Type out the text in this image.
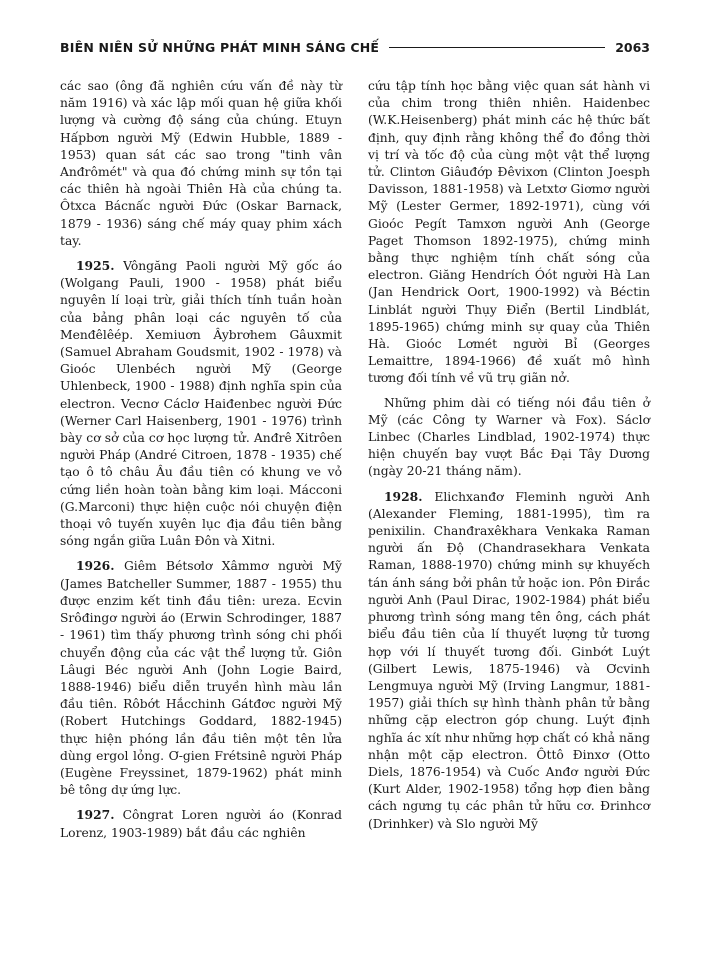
BIÊN NIÊN SỬ NHỮNG PHÁT MINH SÁNG CHẾ	2063

các sao (ông đã nghiên cứu vấn đề này từ năm 1916) và xác lập mối quan hệ giữa khối lượng và cường độ sáng của chúng. Etuyn Hấpbơn người Mỹ (Edwin Hubble, 1889 - 1953) quan sát các sao trong "tinh vân Anđrômét" và qua đó chứng minh sự tồn tại các thiên hà ngoài Thiên Hà của chúng ta. Ôtxca Bácnấc người Đức (Oskar Barnack, 1879 - 1936) sáng chế máy quay phim xách tay.

1925. Vôngăng Paoli người Mỹ gốc áo (Wolgang Pauli, 1900 - 1958) phát biểu nguyên lí loại trừ, giải thích tính tuần hoàn của bảng phân loại các nguyên tố của Menđêlêép. Xemiuơn Âybrơhem Gâuxmit (Samuel Abraham Goudsmit, 1902 - 1978) và Gioóc Ulenbéch người Mỹ (George Uhlenbeck, 1900 - 1988) định nghĩa spin của electron. Vecnơ Cáclơ Haiđenbec người Đức (Werner Carl Haisenberg, 1901 - 1976) trình bày cơ sở của cơ học lượng tử. Anđrê Xitrôen người Pháp (André Citroen, 1878 - 1935) chế tạo ô tô châu Âu đầu tiên có khung ve vỏ cứng liền hoàn toàn bằng kim loại. Mácconi (G.Marconi) thực hiện cuộc nói chuyện điện thoại vô tuyến xuyên lục địa đầu tiên bằng sóng ngắn giữa Luân Đôn và Xitni.

1926. Giêm Bétsơlơ Xâmmơ người Mỹ (James Batcheller Summer, 1887 - 1955) thu được enzim kết tinh đầu tiên: ureza. Ecvin Srôđingơ người áo (Erwin Schrodinger, 1887 - 1961) tìm thấy phương trình sóng chi phối chuyển động của các vật thể lượng tử. Giôn Lâugi Béc người Anh (John Logie Baird, 1888-1946) biểu diễn truyền hình màu lần đầu tiên. Rôbớt Hắcchinh Gátđơc người Mỹ (Robert Hutchings Goddard, 1882-1945) thực hiện phóng lần đầu tiên một tên lửa dùng ergol lỏng. Ơ-gien Frétsinê người Pháp (Eugène Freyssinet, 1879-1962) phát minh bê tông dự ứng lực.

1927. Côngrat Loren người áo (Konrad Lorenz, 1903-1989) bắt đầu các nghiên

cứu tập tính học bằng việc quan sát hành vi của chim trong thiên nhiên. Haidenbec (W.K.Heisenberg) phát minh các hệ thức bất định, quy định rằng không thể đo đồng thời vị trí và tốc độ của cùng một vật thể lượng tử. Clintơn Giâuđớp Đêvixơn (Clinton Joesph Davisson, 1881-1958) và Letxtơ Giơmơ người Mỹ (Lester Germer, 1892-1971), cùng với Gioóc Pegít Tamxơn người Anh (George Paget Thomson 1892-1975), chứng minh bằng thực nghiệm tính chất sóng của electron. Giăng Hendrích Óót người Hà Lan (Jan Hendrick Oort, 1900-1992) và Béctin Linblát người Thụy Điển (Bertil Lindblát, 1895-1965) chứng minh sự quay của Thiên Hà. Gioóc Lơmét người Bỉ (Georges Lemaittre, 1894-1966) đề xuất mô hình tương đối tính về vũ trụ giãn nở.

Những phim dài có tiếng nói đầu tiên ở Mỹ (các Công ty Warner và Fox). Sáclơ Linbec (Charles Lindblad, 1902-1974) thực hiện chuyến bay vượt Bắc Đại Tây Dương (ngày 20-21 tháng năm).

1928. Elichxanđơ Fleminh người Anh (Alexander Fleming, 1881-1995), tìm ra penixilin. Chanđraxêkhara Venkaka Raman người ấn Độ (Chandrasekhara Venkata Raman, 1888-1970) chứng minh sự khuyếch tán ánh sáng bởi phân tử hoặc ion. Pôn Đirắc người Anh (Paul Dirac, 1902-1984) phát biểu phương trình sóng mang tên ông, cách phát biểu đầu tiên của lí thuyết lượng tử tương hợp với lí thuyết tương đối. Ginbớt Luýt (Gilbert Lewis, 1875-1946) và Ơcvinh Lengmuya người Mỹ (Irving Langmur, 1881-1957) giải thích sự hình thành phân tử bằng những cặp electron góp chung. Luýt định nghĩa ác xít như những hợp chất có khả năng nhận một cặp electron. Ôttô Đinxơ (Otto Diels, 1876-1954) và Cuốc Anđơ người Đức (Kurt Alder, 1902-1958) tổng hợp đien bằng cách ngưng tụ các phân tử hữu cơ. Đrinhcơ (Drinhker) và Slo người Mỹ
